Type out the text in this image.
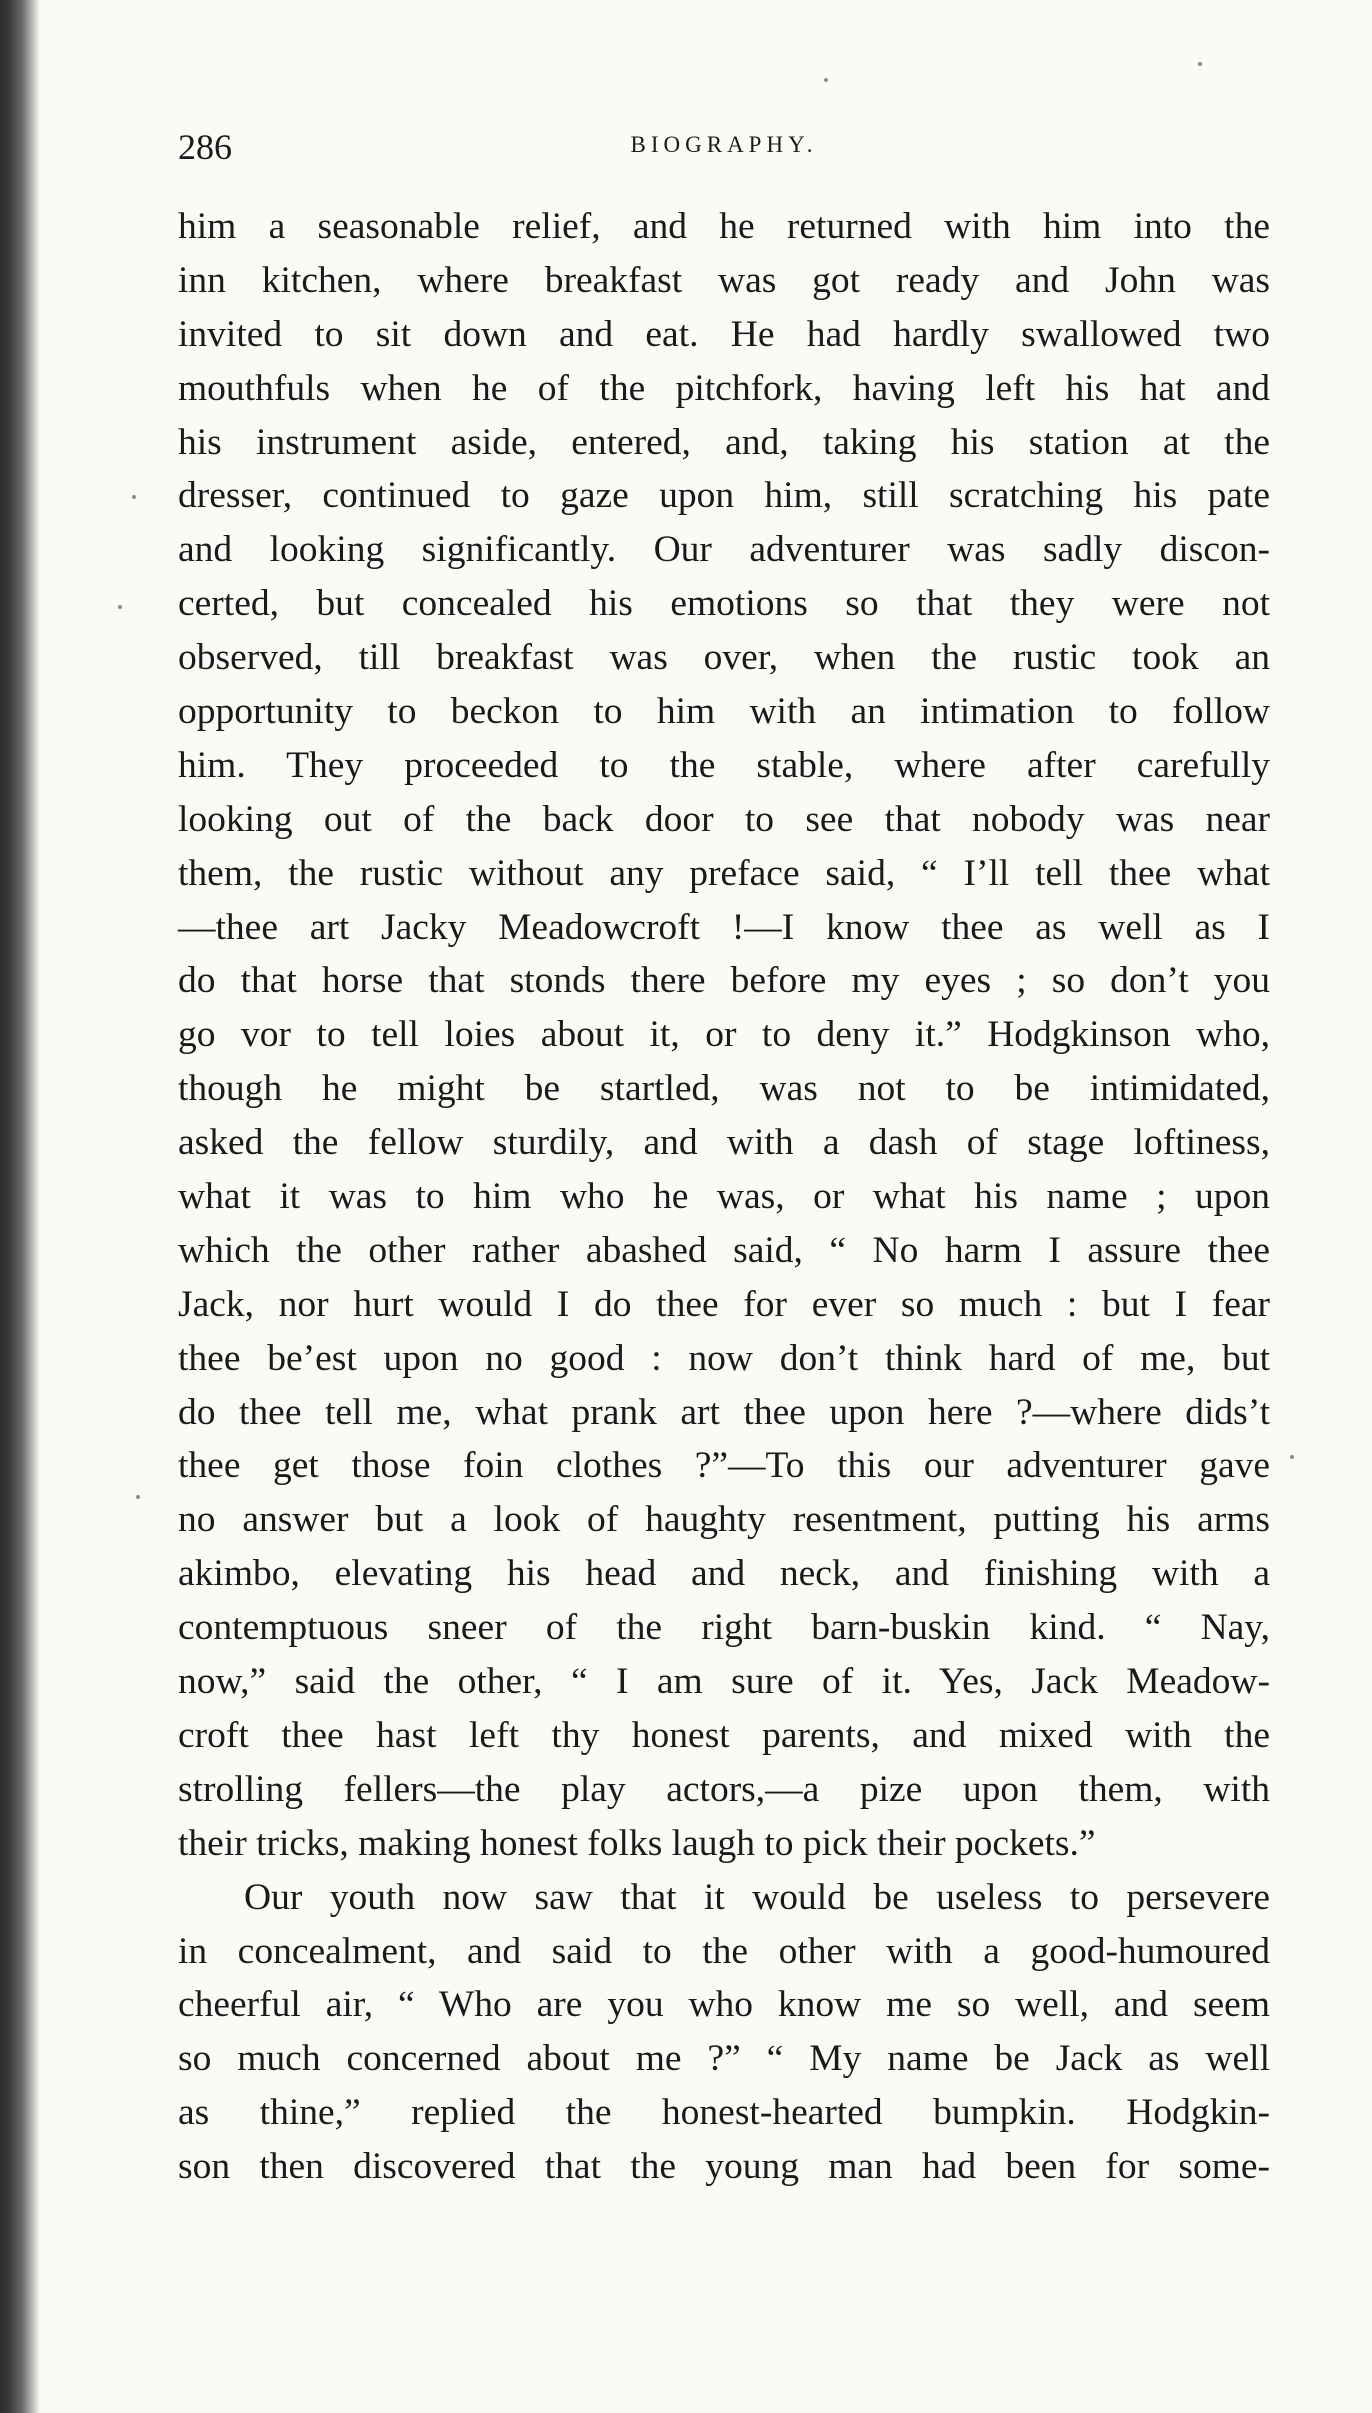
286	BIOGRAPHY.
him a seasonable relief, and he returned with him into the
inn kitchen, where breakfast was got ready and John was
invited to sit down and eat. He had hardly swallowed two
mouthfuls when he of the pitchfork, having left his hat and
his instrument aside, entered, and, taking his station at the
dresser, continued to gaze upon him, still scratching his pate
and looking significantly. Our adventurer was sadly discon-
certed, but concealed his emotions so that they were not
observed, till breakfast was over, when the rustic took an
opportunity to beckon to him with an intimation to follow
him. They proceeded to the stable, where after carefully
looking out of the back door to see that nobody was near
them, the rustic without any preface said, “ I’ll tell thee what
—thee art Jacky Meadowcroft !—I know thee as well as I
do that horse that stonds there before my eyes ; so don’t you
go vor to tell loies about it, or to deny it.” Hodgkinson who,
though he might be startled, was not to be intimidated,
asked the fellow sturdily, and with a dash of stage loftiness,
what it was to him who he was, or what his name ; upon
which the other rather abashed said, “ No harm I assure thee
Jack, nor hurt would I do thee for ever so much : but I fear
thee be’est upon no good : now don’t think hard of me, but
do thee tell me, what prank art thee upon here ?—where dids’t
thee get those foin clothes ?”—To this our adventurer gave
no answer but a look of haughty resentment, putting his arms
akimbo, elevating his head and neck, and finishing with a
contemptuous sneer of the right barn-buskin kind. “ Nay,
now,” said the other, “ I am sure of it. Yes, Jack Meadow-
croft thee hast left thy honest parents, and mixed with the
strolling fellers—the play actors,—a pize upon them, with
their tricks, making honest folks laugh to pick their pockets.”
Our youth now saw that it would be useless to persevere
in concealment, and said to the other with a good-humoured
cheerful air, “ Who are you who know me so well, and seem
so much concerned about me ?” “ My name be Jack as well
as thine,” replied the honest-hearted bumpkin. Hodgkin-
son then discovered that the young man had been for some-
